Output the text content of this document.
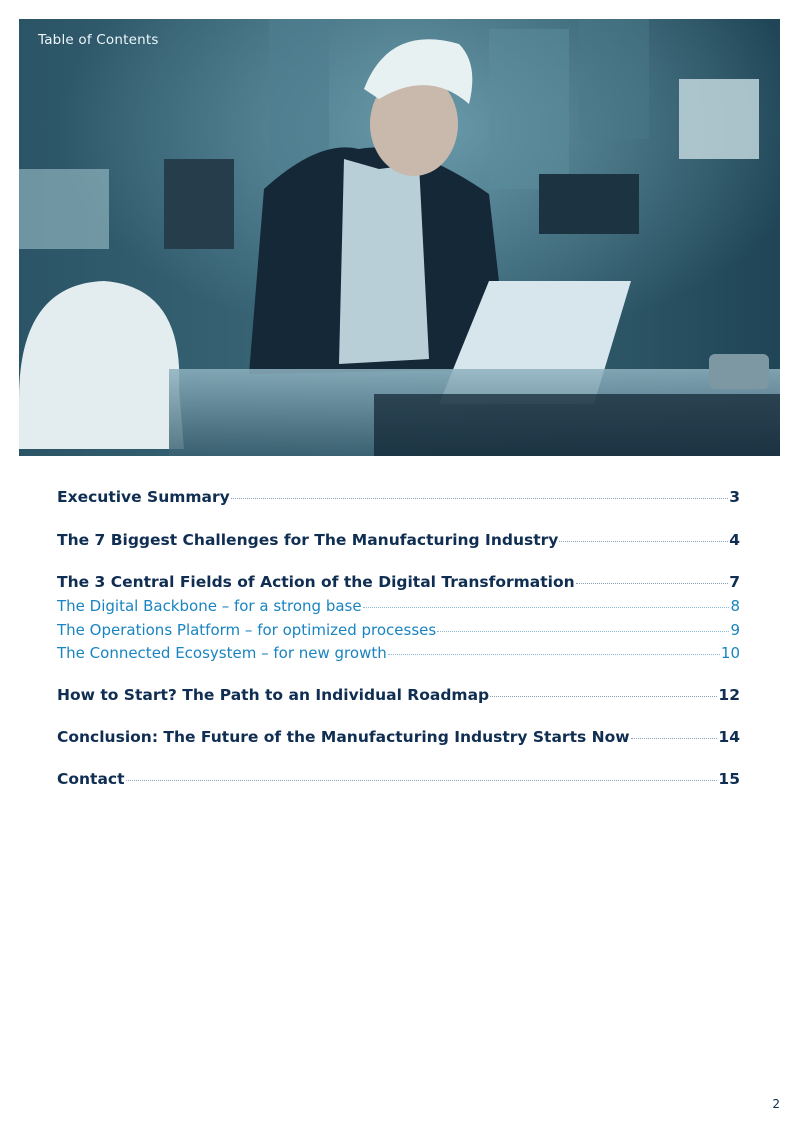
Table of Contents
Executive Summary	3
The 7 Biggest Challenges for The Manufacturing Industry	4
The 3 Central Fields of Action of the Digital Transformation	7
The Digital Backbone – for a strong base	8
The Operations Platform – for optimized processes	9
The Connected Ecosystem – for new growth	10
How to Start? The Path to an Individual Roadmap	12
Conclusion: The Future of the Manufacturing Industry Starts Now	14
Contact	15
2
